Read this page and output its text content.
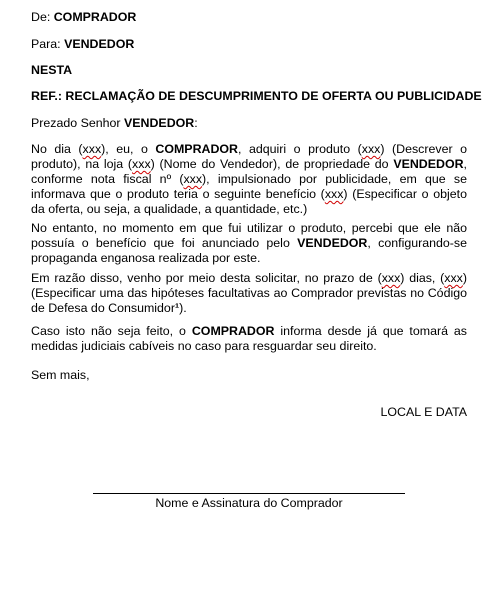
De: COMPRADOR
Para: VENDEDOR
NESTA
REF.: RECLAMAÇÃO DE DESCUMPRIMENTO DE OFERTA OU PUBLICIDADE
Prezado Senhor VENDEDOR:
No dia (xxx), eu, o COMPRADOR, adquiri o produto (xxx) (Descrever o produto), na loja (xxx) (Nome do Vendedor), de propriedade do VENDEDOR, conforme nota fiscal nº (xxx), impulsionado por publicidade, em que se informava que o produto teria o seguinte benefício (xxx) (Especificar o objeto da oferta, ou seja, a qualidade, a quantidade, etc.)
No entanto, no momento em que fui utilizar o produto, percebi que ele não possuía o benefício que foi anunciado pelo VENDEDOR, configurando-se propaganda enganosa realizada por este.
Em razão disso, venho por meio desta solicitar, no prazo de (xxx) dias, (xxx) (Especificar uma das hipóteses facultativas ao Comprador previstas no Código de Defesa do Consumidor¹).
Caso isto não seja feito, o COMPRADOR informa desde já que tomará as medidas judiciais cabíveis no caso para resguardar seu direito.
Sem mais,
LOCAL E DATA
Nome e Assinatura do Comprador
